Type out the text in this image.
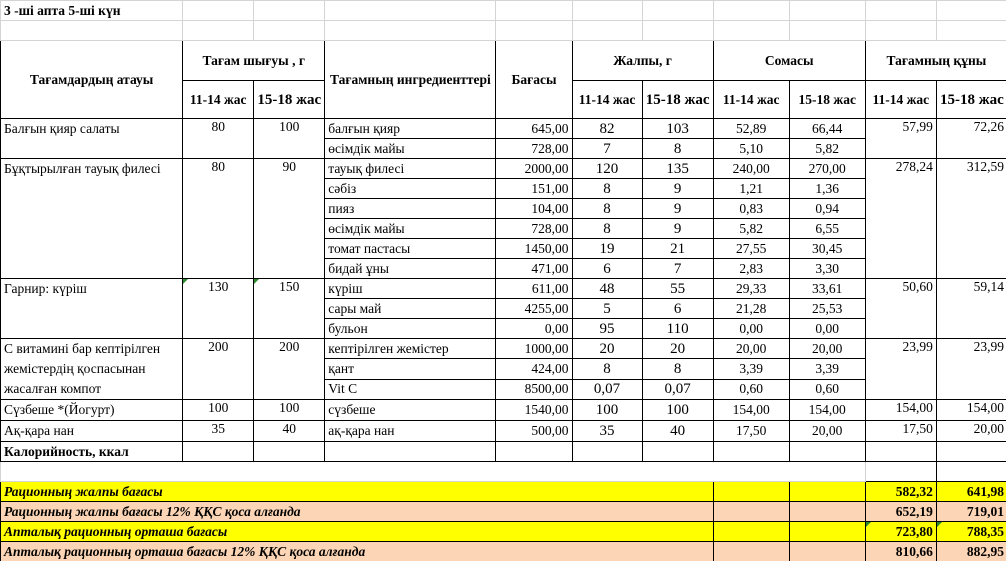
3 -ші апта 5-ші күн										

Тағамдардың атауы	Тағам шығуы , г		Тағамның ингредиенттері	Бағасы	Жалпы, г		Сомасы		Тағамның құны	
	11-14 жас	15-18 жас			11-14 жас	15-18 жас	11-14 жас	15-18 жас	11-14 жас	15-18 жас
Балғын қияр салаты	80	100	балғын қияр	645,00	82	103	52,89	66,44	57,99	72,26
			өсімдік майы	728,00	7	8	5,10	5,82		
Бұқтырылған тауық филесі	80	90	тауық филесі	2000,00	120	135	240,00	270,00	278,24	312,59
			сәбіз	151,00	8	9	1,21	1,36		
			пияз	104,00	8	9	0,83	0,94		
			өсімдік майы	728,00	8	9	5,82	6,55		
			томат пастасы	1450,00	19	21	27,55	30,45		
			бидай ұны	471,00	6	7	2,83	3,30		
Гарнир: күріш	130	150	күріш	611,00	48	55	29,33	33,61	50,60	59,14
			сары май	4255,00	5	6	21,28	25,53		
			бульон	0,00	95	110	0,00	0,00		
С витамині бар кептірілген жемістердің қоспасынан жасалған компот	200	200	кептірілген жемістер	1000,00	20	20	20,00	20,00	23,99	23,99
			қант	424,00	8	8	3,39	3,39		
			Vit C	8500,00	0,07	0,07	0,60	0,60		
Сүзбеше *(Йогурт)	100	100	сүзбеше	1540,00	100	100	154,00	154,00	154,00	154,00
Ақ-қара нан	35	40	ақ-қара нан	500,00	35	40	17,50	20,00	17,50	20,00
Калорийность, ккал										

Рационның жалпы бағасы									582,32	641,98
Рационның жалпы бағасы 12% ҚҚС қоса алғанда									652,19	719,01
Апталық рационның орташа бағасы									723,80	788,35
Апталық рационның орташа бағасы 12% ҚҚС қоса алғанда									810,66	882,95
